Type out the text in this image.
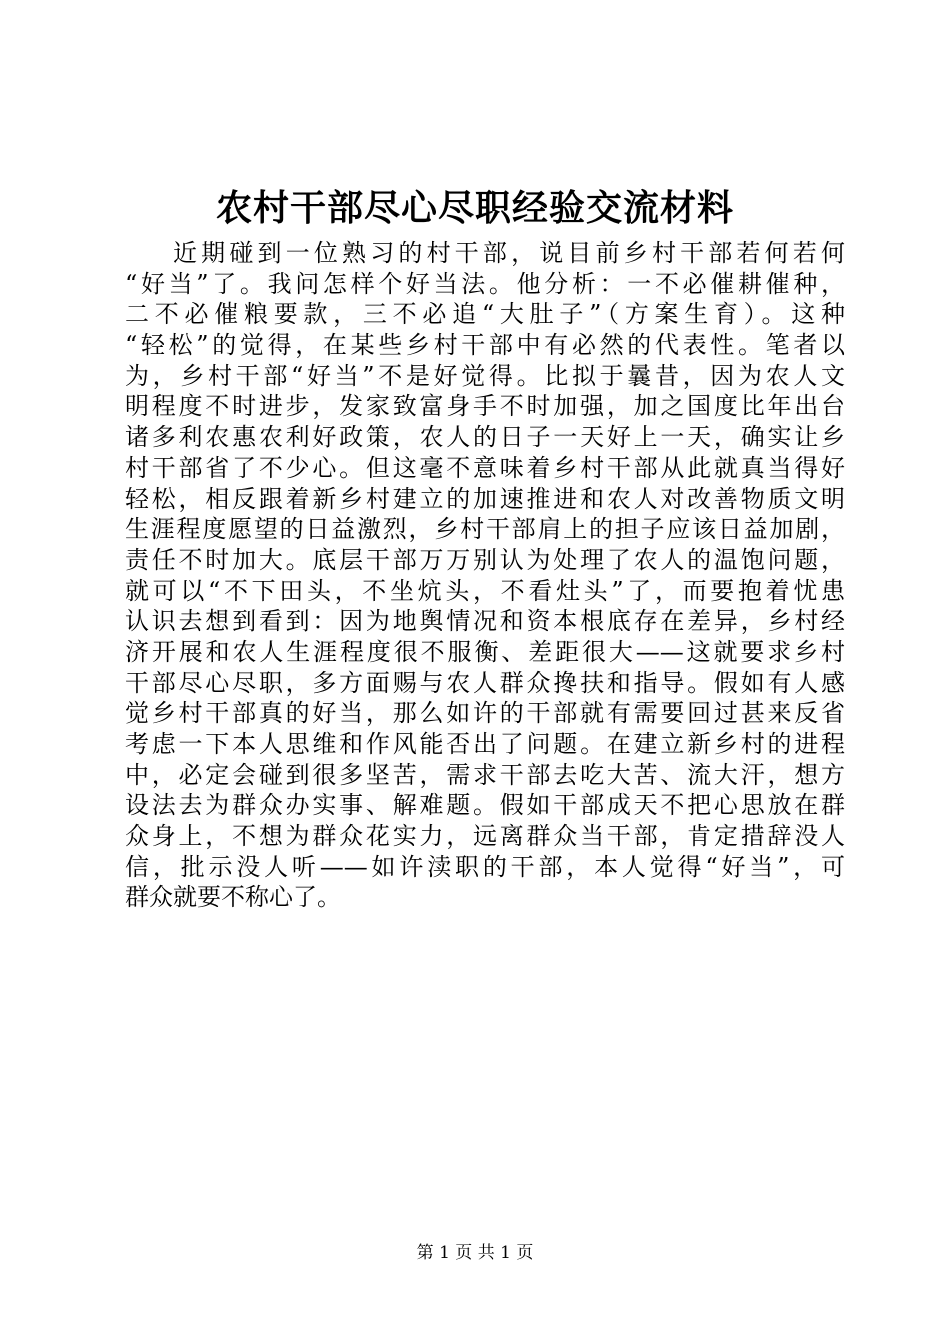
农村干部尽心尽职经验交流材料
近期碰到一位熟习的村干部，说目前乡村干部若何若何
“好当”了。我问怎样个好当法。他分析：一不必催耕催种，
二不必催粮要款，三不必追“大肚子”（方案生育）。这种
“轻松”的觉得，在某些乡村干部中有必然的代表性。笔者以
为，乡村干部“好当”不是好觉得。比拟于曩昔，因为农人文
明程度不时进步，发家致富身手不时加强，加之国度比年出台
诸多利农惠农利好政策，农人的日子一天好上一天，确实让乡
村干部省了不少心。但这毫不意味着乡村干部从此就真当得好
轻松，相反跟着新乡村建立的加速推进和农人对改善物质文明
生涯程度愿望的日益激烈，乡村干部肩上的担子应该日益加剧，
责任不时加大。底层干部万万别认为处理了农人的温饱问题，
就可以“不下田头，不坐炕头，不看灶头”了，而要抱着忧患
认识去想到看到：因为地舆情况和资本根底存在差异，乡村经
济开展和农人生涯程度很不服衡、差距很大——这就要求乡村
干部尽心尽职，多方面赐与农人群众搀扶和指导。假如有人感
觉乡村干部真的好当，那么如许的干部就有需要回过甚来反省
考虑一下本人思维和作风能否出了问题。在建立新乡村的进程
中，必定会碰到很多坚苦，需求干部去吃大苦、流大汗，想方
设法去为群众办实事、解难题。假如干部成天不把心思放在群
众身上，不想为群众花实力，远离群众当干部，肯定措辞没人
信，批示没人听——如许渎职的干部，本人觉得“好当”，可
群众就要不称心了。
第 1 页 共 1 页
